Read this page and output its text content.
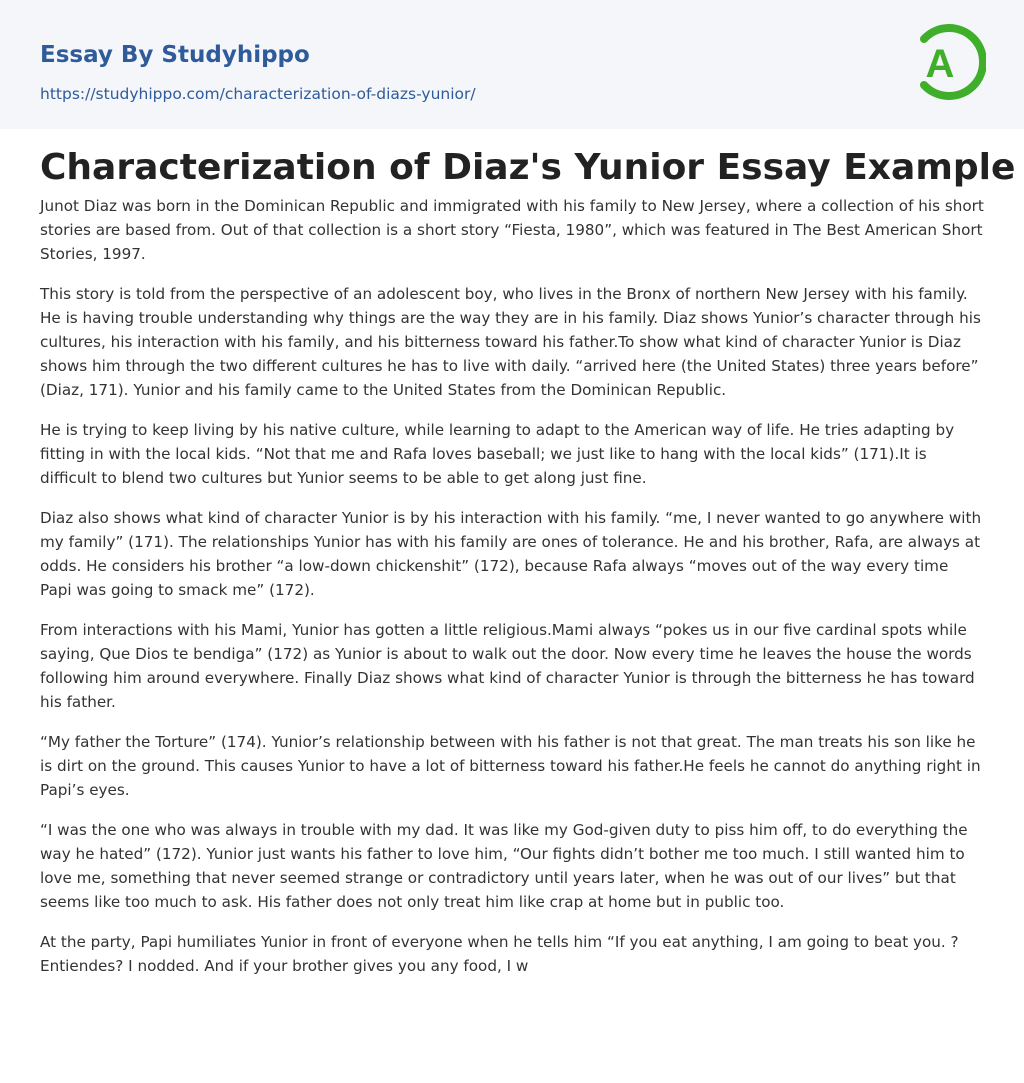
Essay By Studyhippo
https://studyhippo.com/characterization-of-diazs-yunior/
A
Characterization of Diaz's Yunior Essay Example

Junot Diaz was born in the Dominican Republic and immigrated with his family to New Jersey, where a collection of his short stories are based from. Out of that collection is a short story “Fiesta, 1980”, which was featured in The Best American Short Stories, 1997.

This story is told from the perspective of an adolescent boy, who lives in the Bronx of northern New Jersey with his family. He is having trouble understanding why things are the way they are in his family. Diaz shows Yunior’s character through his cultures, his interaction with his family, and his bitterness toward his father.To show what kind of character Yunior is Diaz shows him through the two different cultures he has to live with daily. “arrived here (the United States) three years before” (Diaz, 171). Yunior and his family came to the United States from the Dominican Republic.

He is trying to keep living by his native culture, while learning to adapt to the American way of life. He tries adapting by fitting in with the local kids. “Not that me and Rafa loves baseball; we just like to hang with the local kids” (171).It is difficult to blend two cultures but Yunior seems to be able to get along just fine.

Diaz also shows what kind of character Yunior is by his interaction with his family. “me, I never wanted to go anywhere with my family” (171). The relationships Yunior has with his family are ones of tolerance. He and his brother, Rafa, are always at odds. He considers his brother “a low-down chickenshit” (172), because Rafa always “moves out of the way every time Papi was going to smack me” (172).

From interactions with his Mami, Yunior has gotten a little religious.Mami always “pokes us in our five cardinal spots while saying, Que Dios te bendiga” (172) as Yunior is about to walk out the door. Now every time he leaves the house the words following him around everywhere. Finally Diaz shows what kind of character Yunior is through the bitterness he has toward his father.

“My father the Torture” (174). Yunior’s relationship between with his father is not that great. The man treats his son like he is dirt on the ground. This causes Yunior to have a lot of bitterness toward his father.He feels he cannot do anything right in Papi’s eyes.

“I was the one who was always in trouble with my dad. It was like my God-given duty to piss him off, to do everything the way he hated” (172). Yunior just wants his father to love him, “Our fights didn’t bother me too much. I still wanted him to love me, something that never seemed strange or contradictory until years later, when he was out of our lives” but that seems like too much to ask. His father does not only treat him like crap at home but in public too.

At the party, Papi humiliates Yunior in front of everyone when he tells him “If you eat anything, I am going to beat you. ?Entiendes? I nodded. And if your brother gives you any food, I w
